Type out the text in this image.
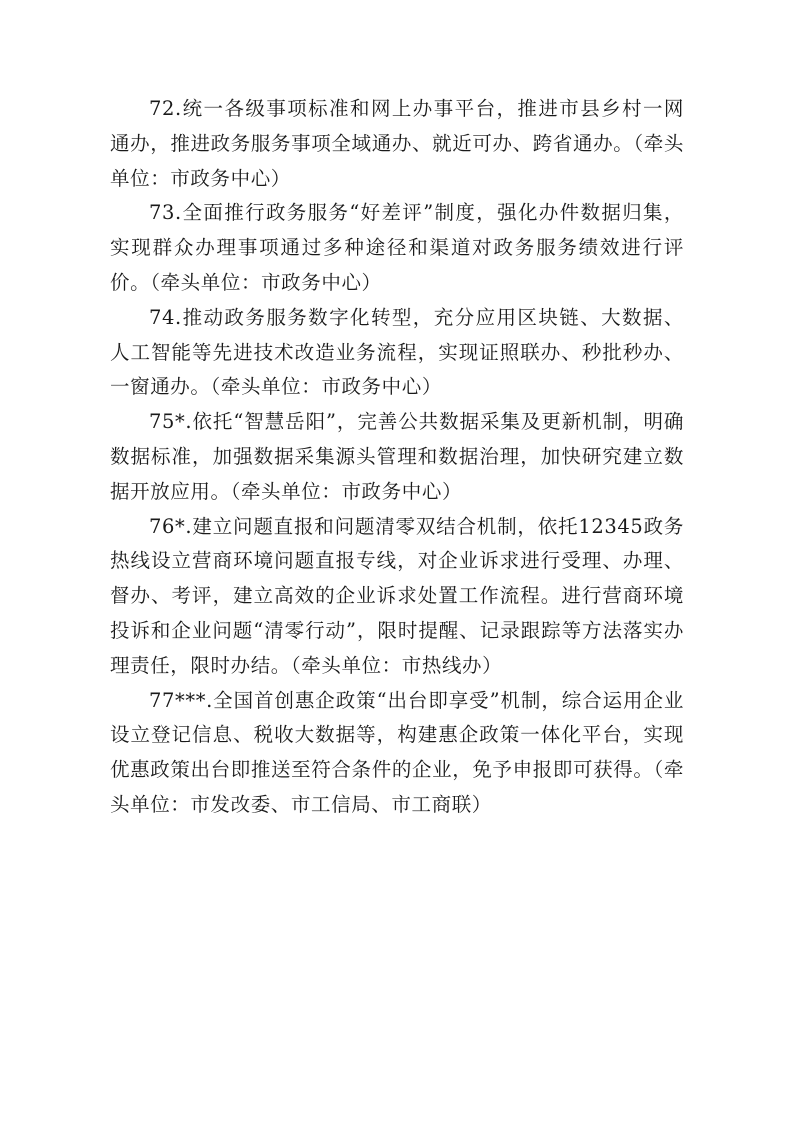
72.统一各级事项标准和网上办事平台，推进市县乡村一网通办，推进政务服务事项全域通办、就近可办、跨省通办。（牵头单位：市政务中心）

73.全面推行政务服务“好差评”制度，强化办件数据归集，实现群众办理事项通过多种途径和渠道对政务服务绩效进行评价。（牵头单位：市政务中心）

74.推动政务服务数字化转型，充分应用区块链、大数据、人工智能等先进技术改造业务流程，实现证照联办、秒批秒办、一窗通办。（牵头单位：市政务中心）

75*.依托“智慧岳阳”，完善公共数据采集及更新机制，明确数据标准，加强数据采集源头管理和数据治理，加快研究建立数据开放应用。（牵头单位：市政务中心）

76*.建立问题直报和问题清零双结合机制，依托12345政务热线设立营商环境问题直报专线，对企业诉求进行受理、办理、督办、考评，建立高效的企业诉求处置工作流程。进行营商环境投诉和企业问题“清零行动”，限时提醒、记录跟踪等方法落实办理责任，限时办结。（牵头单位：市热线办）

77***.全国首创惠企政策“出台即享受”机制，综合运用企业设立登记信息、税收大数据等，构建惠企政策一体化平台，实现优惠政策出台即推送至符合条件的企业，免予申报即可获得。（牵头单位：市发改委、市工信局、市工商联）
